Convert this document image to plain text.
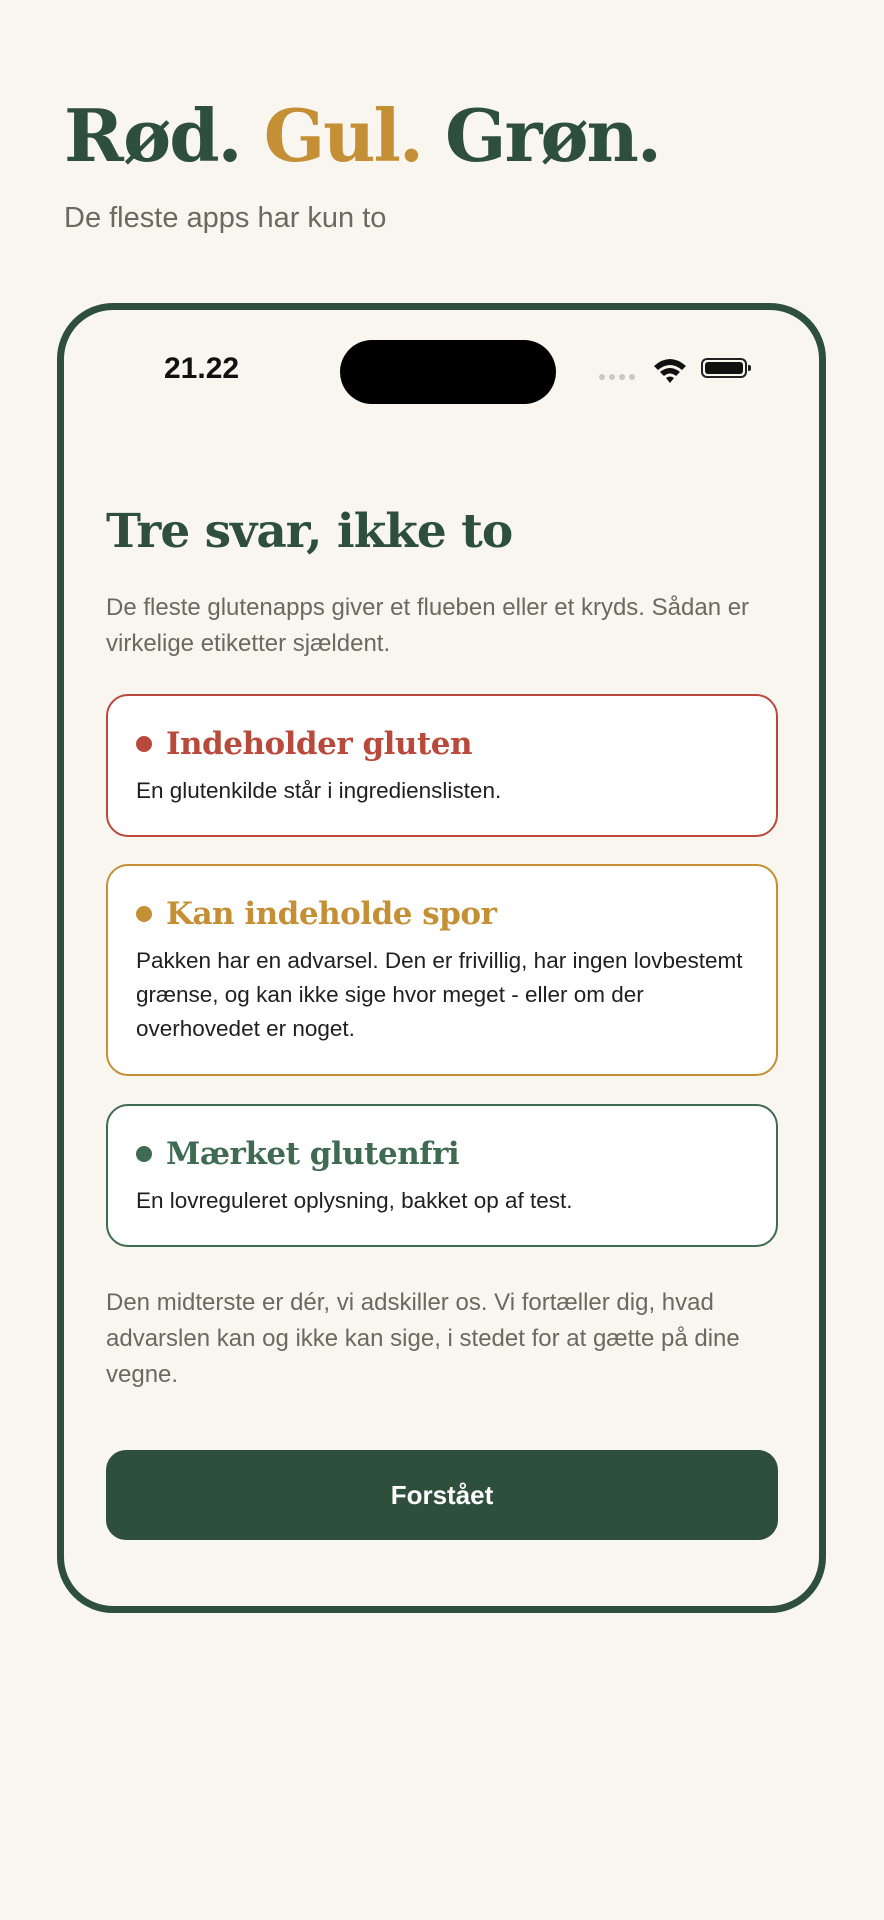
Rød. Gul. Grøn.

De fleste apps har kun to

21.22
Tre svar, ikke to

De fleste glutenapps giver et flueben eller et kryds. Sådan er virkelige etiketter sjældent.

Indeholder gluten

En glutenkilde står i ingredienslisten.

Kan indeholde spor

Pakken har en advarsel. Den er frivillig, har ingen lovbestemt grænse, og kan ikke sige hvor meget - eller om der overhovedet er noget.

Mærket glutenfri

En lovreguleret oplysning, bakket op af test.

Den midterste er dér, vi adskiller os. Vi fortæller dig, hvad advarslen kan og ikke kan sige, i stedet for at gætte på dine vegne.

Forstået
